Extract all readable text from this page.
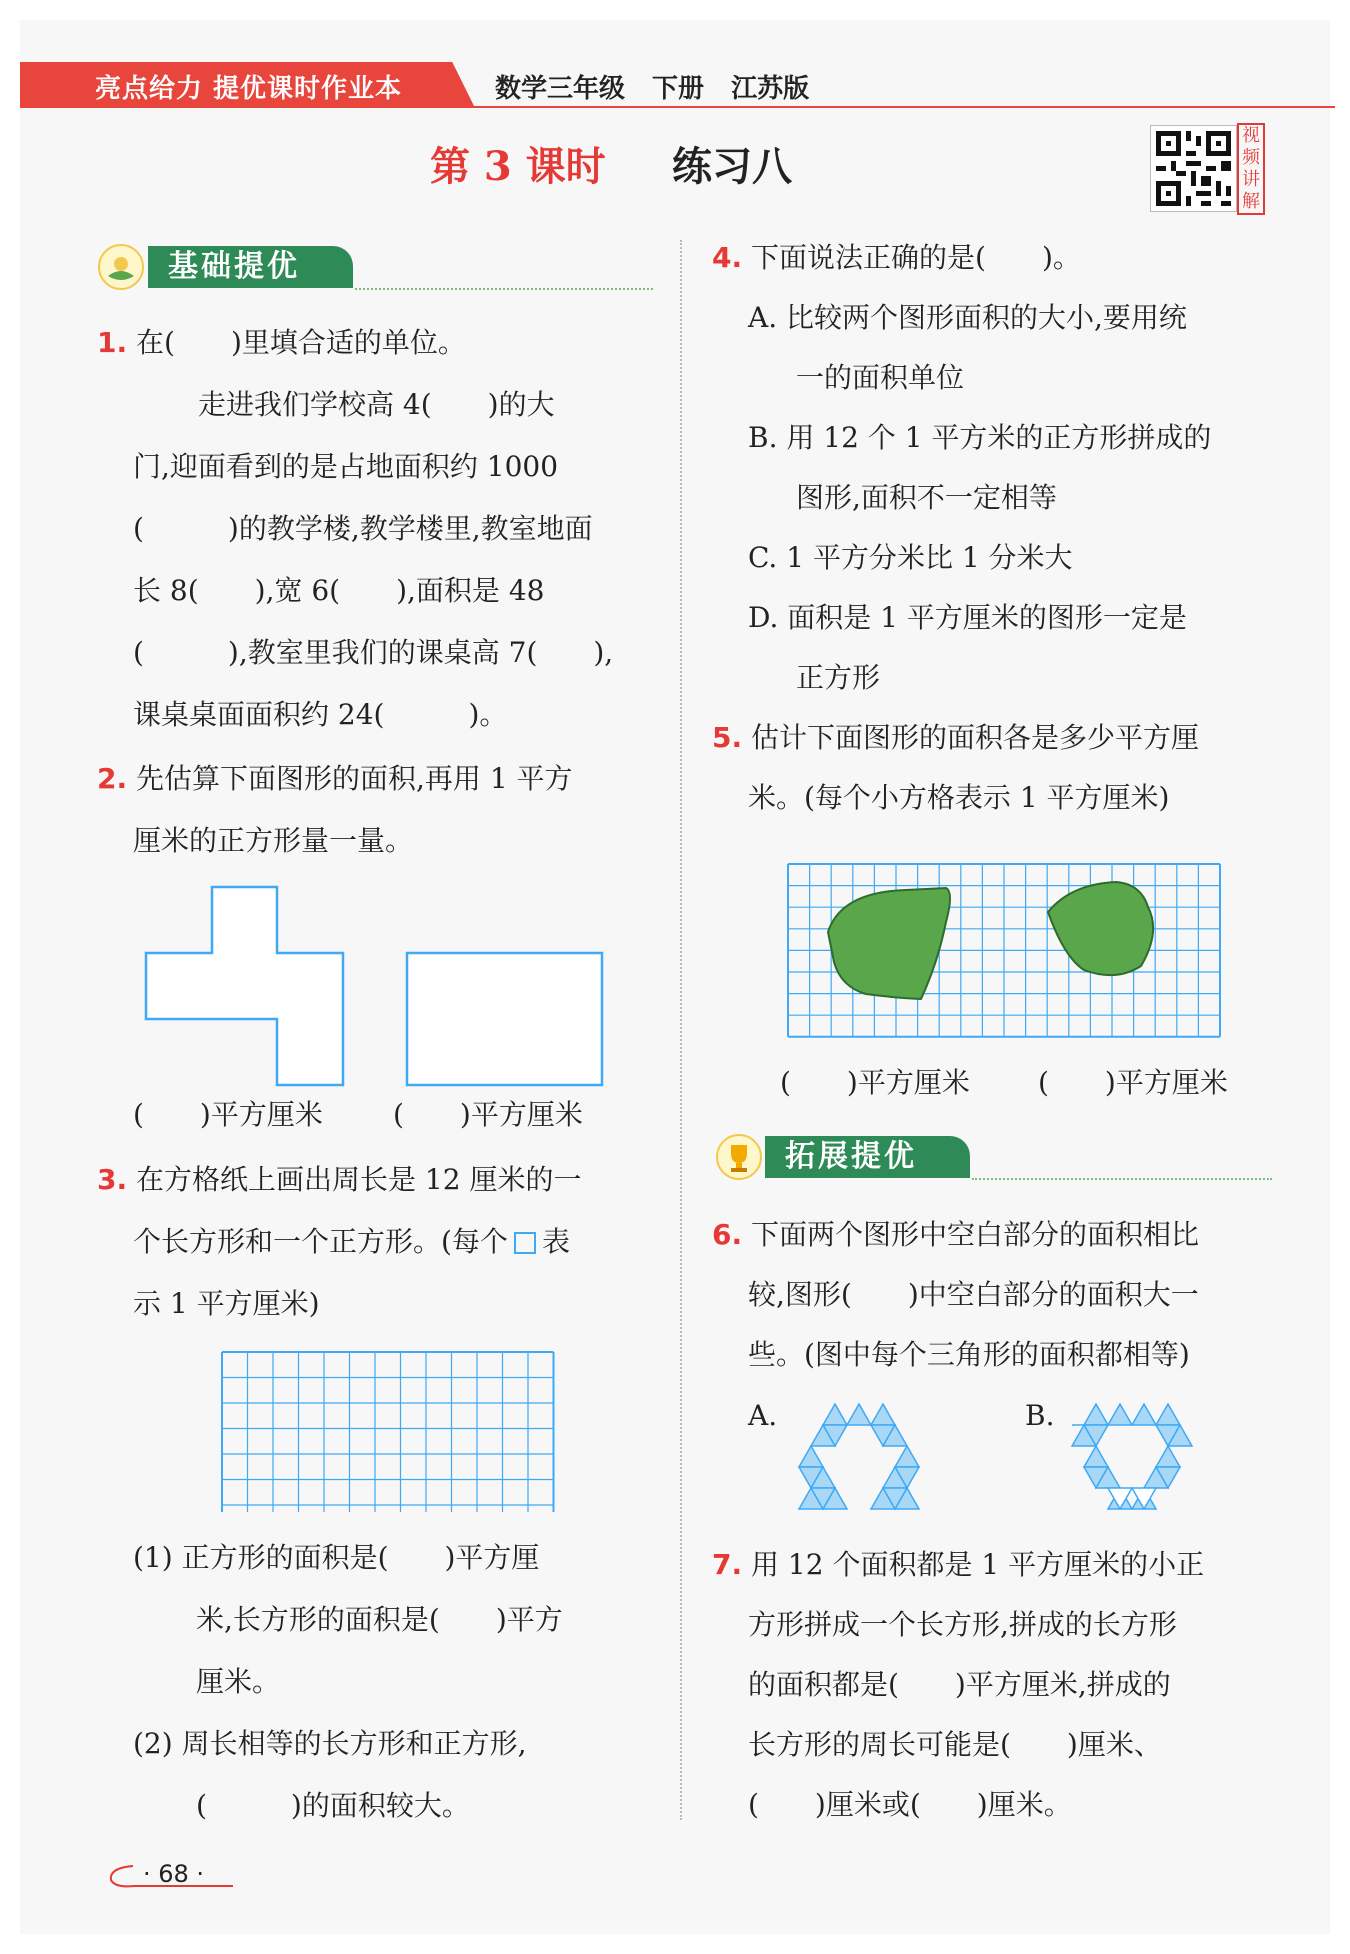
亮点给力 提优课时作业本	数学三年级 下册 江苏版
第 3 课时 练习八
视频讲解
基础提优
1. 在(　　)里填合适的单位。
走进我们学校高 4(　　)的大
门,迎面看到的是占地面积约 1000
(　　　)的教学楼,教学楼里,教室地面
长 8(　　),宽 6(　　),面积是 48
(　　　),教室里我们的课桌高 7(　　),
课桌桌面面积约 24(　　　)。
2. 先估算下面图形的面积,再用 1 平方
厘米的正方形量一量。
(　　)平方厘米	(　　)平方厘米
3. 在方格纸上画出周长是 12 厘米的一
个长方形和一个正方形。(每个 表
示 1 平方厘米)
(1) 正方形的面积是(　　)平方厘
米,长方形的面积是(　　)平方
厘米。
(2) 周长相等的长方形和正方形,
(　　　)的面积较大。
4. 下面说法正确的是(　　)。
A. 比较两个图形面积的大小,要用统
一的面积单位
B. 用 12 个 1 平方米的正方形拼成的
图形,面积不一定相等
C. 1 平方分米比 1 分米大
D. 面积是 1 平方厘米的图形一定是
正方形
5. 估计下面图形的面积各是多少平方厘
米。(每个小方格表示 1 平方厘米)
(　　)平方厘米 (　　)平方厘米
拓展提优
6. 下面两个图形中空白部分的面积相比
较,图形(　　)中空白部分的面积大一
些。(图中每个三角形的面积都相等)
A.	B.
7. 用 12 个面积都是 1 平方厘米的小正
方形拼成一个长方形,拼成的长方形
的面积都是(　　)平方厘米,拼成的
长方形的周长可能是(　　)厘米、
(　　)厘米或(　　)厘米。
· 68 ·
